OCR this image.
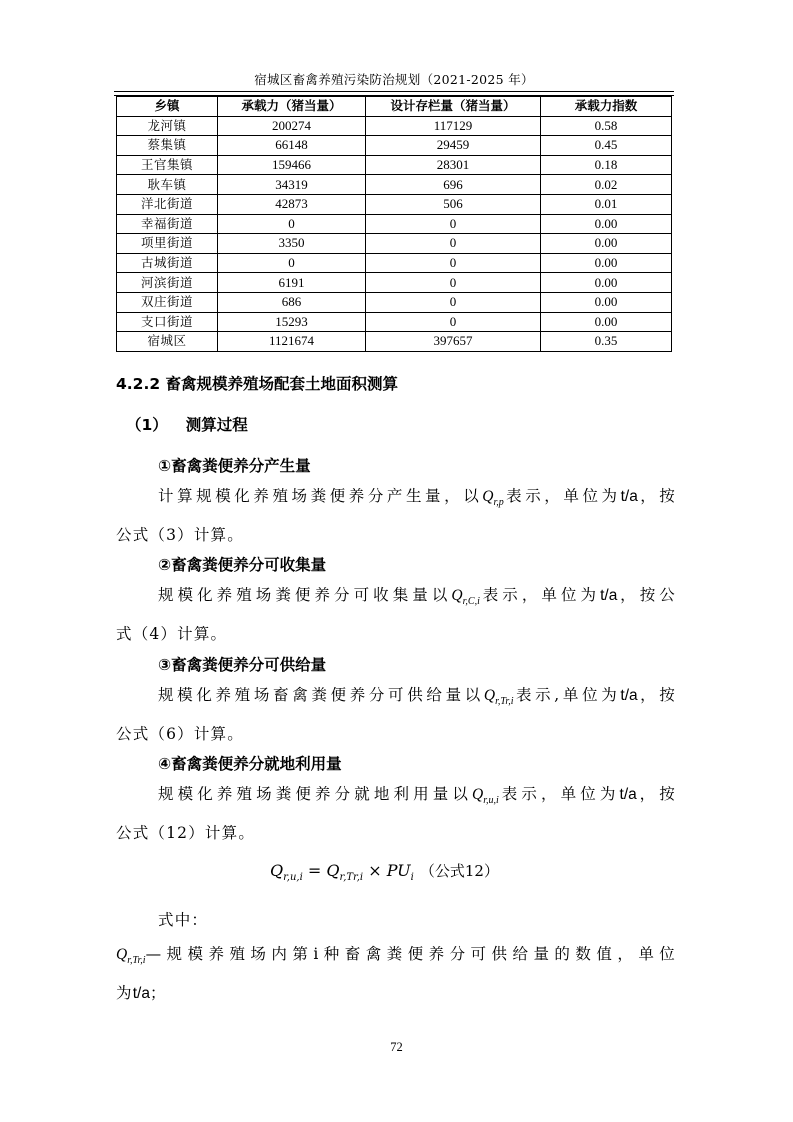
宿城区畜禽养殖污染防治规划（2021-2025 年）
乡镇	承载力（猪当量）	设计存栏量（猪当量）	承载力指数
龙河镇	200274	117129	0.58
蔡集镇	66148	29459	0.45
王官集镇	159466	28301	0.18
耿车镇	34319	696	0.02
洋北街道	42873	506	0.01
幸福街道	0	0	0.00
项里街道	3350	0	0.00
古城街道	0	0	0.00
河滨街道	6191	0	0.00
双庄街道	686	0	0.00
支口街道	15293	0	0.00
宿城区	1121674	397657	0.35
4.2.2 畜禽规模养殖场配套土地面积测算
（1） 测算过程
①畜禽粪便养分产生量
计算规模化养殖场粪便养分产生量，以$Q_{r,p}$表示，单位为t/a，按
公式（3）计算。
②畜禽粪便养分可收集量
规模化养殖场粪便养分可收集量以$Q_{r,C,i}$表示，单位为t/a，按公
式（4）计算。
③畜禽粪便养分可供给量
规模化养殖场畜禽粪便养分可供给量以$Q_{r,Tr,i}$表示,单位为t/a，按
公式（6）计算。
④畜禽粪便养分就地利用量
规模化养殖场粪便养分就地利用量以$Q_{r,u,i}$表示，单位为t/a，按
公式（12）计算。
$Q_{r,u,i} = Q_{r,Tr,i} \times PU_i$ （公式12）
式中：
$Q_{r,Tr,i}—$规模养殖场内第i种畜禽粪便养分可供给量的数值，单位
为t/a；
72
